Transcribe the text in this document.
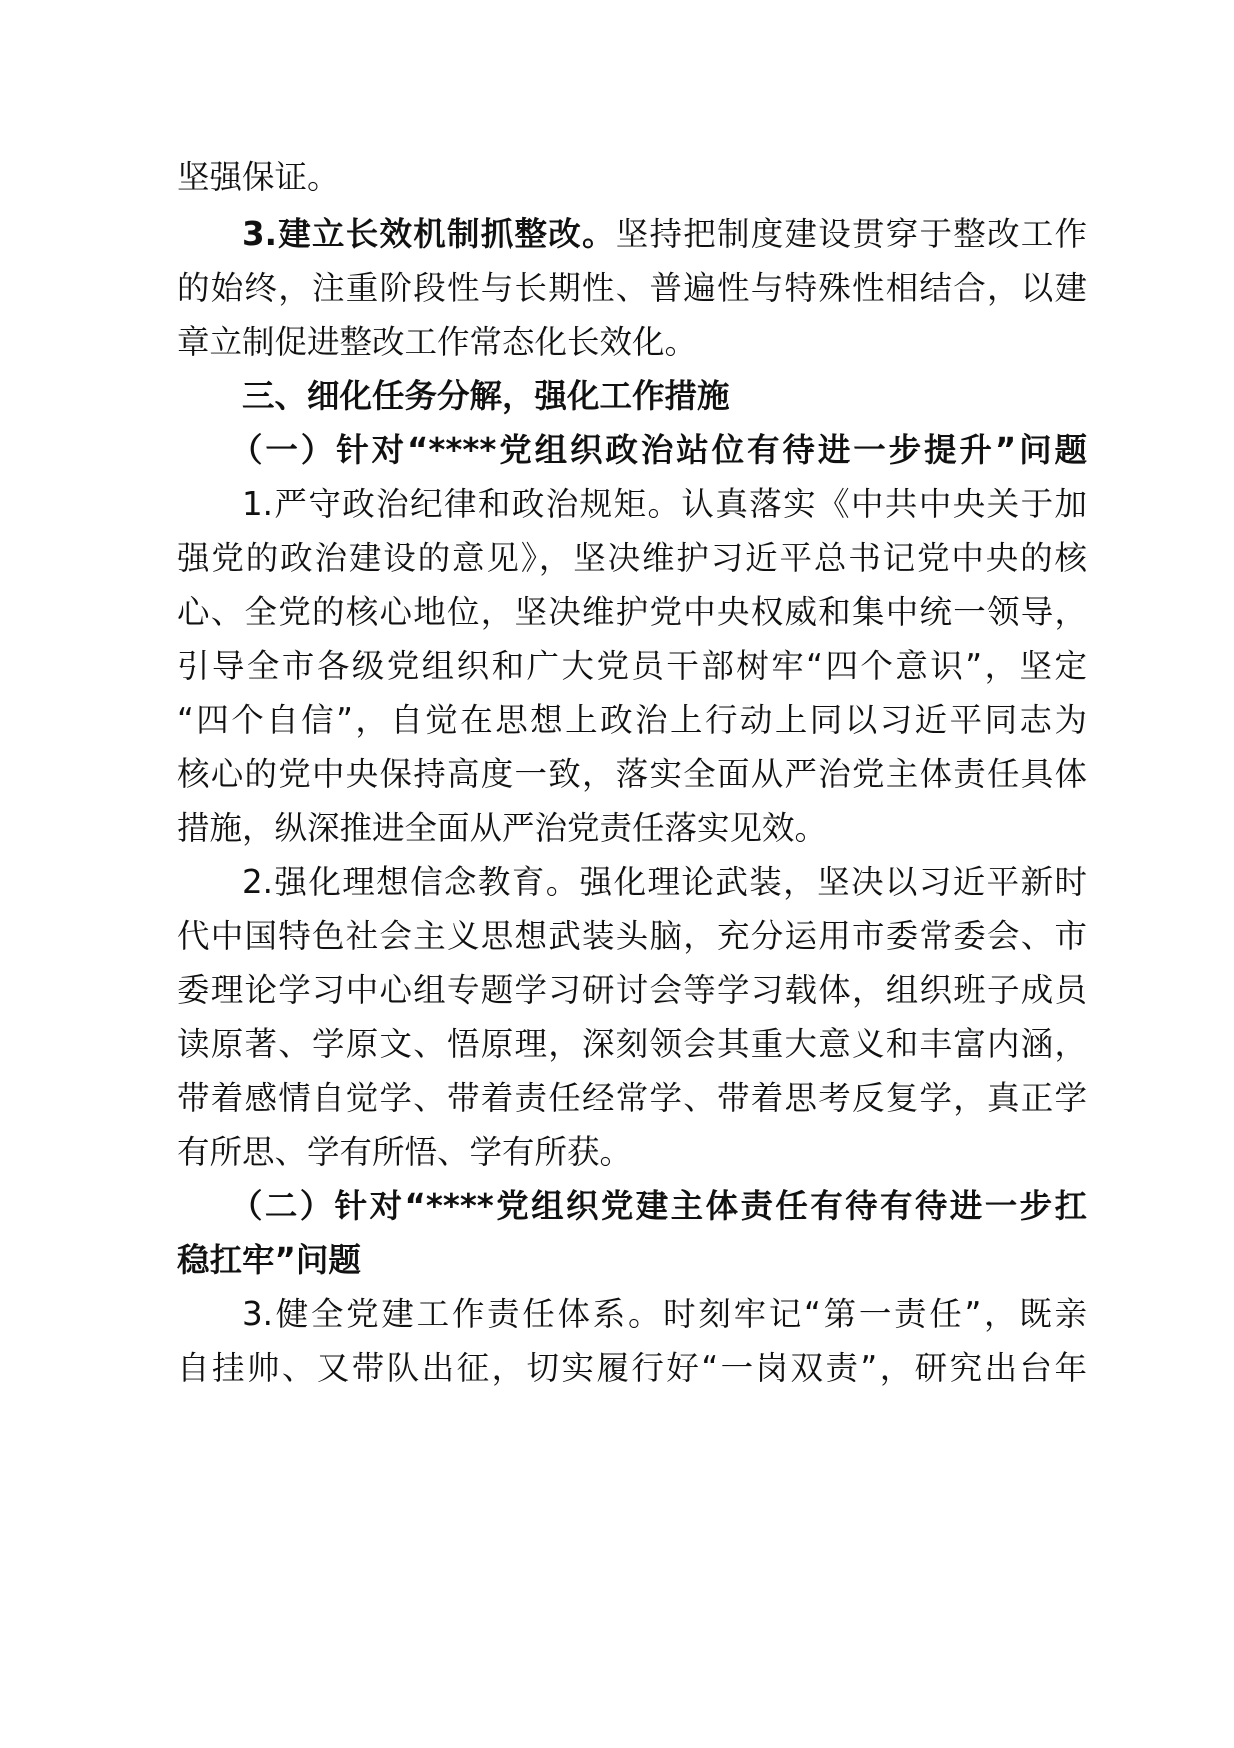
坚强保证。
3.建立长效机制抓整改。坚持把制度建设贯穿于整改工作
的始终，注重阶段性与长期性、普遍性与特殊性相结合，以建
章立制促进整改工作常态化长效化。
三、细化任务分解，强化工作措施
（一）针对“****党组织政治站位有待进一步提升”问题
1.严守政治纪律和政治规矩。认真落实《中共中央关于加
强党的政治建设的意见》，坚决维护习近平总书记党中央的核
心、全党的核心地位，坚决维护党中央权威和集中统一领导，
引导全市各级党组织和广大党员干部树牢“四个意识”，坚定
“四个自信”，自觉在思想上政治上行动上同以习近平同志为
核心的党中央保持高度一致，落实全面从严治党主体责任具体
措施，纵深推进全面从严治党责任落实见效。
2.强化理想信念教育。强化理论武装，坚决以习近平新时
代中国特色社会主义思想武装头脑，充分运用市委常委会、市
委理论学习中心组专题学习研讨会等学习载体，组织班子成员
读原著、学原文、悟原理，深刻领会其重大意义和丰富内涵，
带着感情自觉学、带着责任经常学、带着思考反复学，真正学
有所思、学有所悟、学有所获。
（二）针对“****党组织党建主体责任有待有待进一步扛
稳扛牢”问题
3.健全党建工作责任体系。时刻牢记“第一责任”，既亲
自挂帅、又带队出征，切实履行好“一岗双责”，研究出台年
